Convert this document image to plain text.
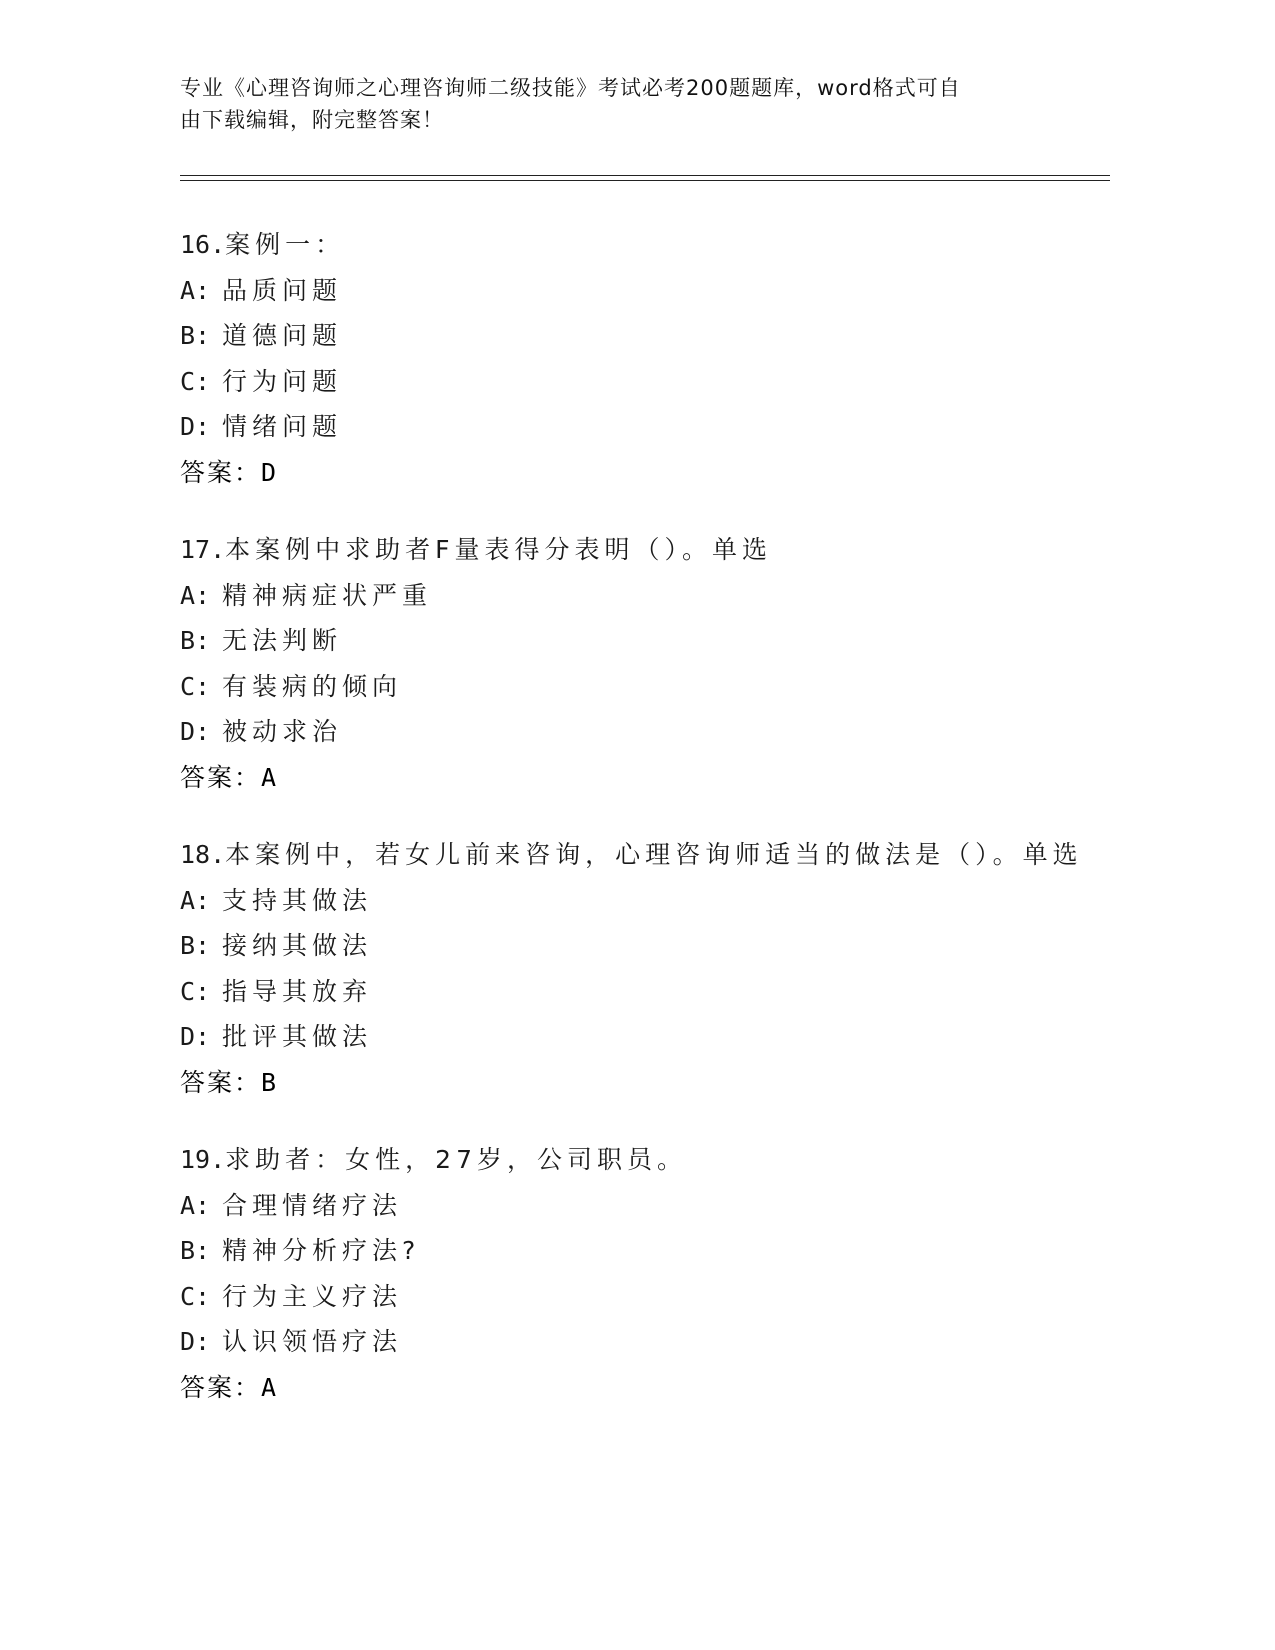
专业《心理咨询师之心理咨询师二级技能》考试必考200题题库，word格式可自
由下载编辑，附完整答案！
16.案例一：
A: 品质问题
B: 道德问题
C: 行为问题
D: 情绪问题
答案：D
17.本案例中求助者F量表得分表明（）。单选
A: 精神病症状严重
B: 无法判断
C: 有装病的倾向
D: 被动求治
答案：A
18.本案例中，若女儿前来咨询，心理咨询师适当的做法是（）。单选
A: 支持其做法
B: 接纳其做法
C: 指导其放弃
D: 批评其做法
答案：B
19.求助者：女性，27岁，公司职员。
A: 合理情绪疗法
B: 精神分析疗法?
C: 行为主义疗法
D: 认识领悟疗法
答案：A
